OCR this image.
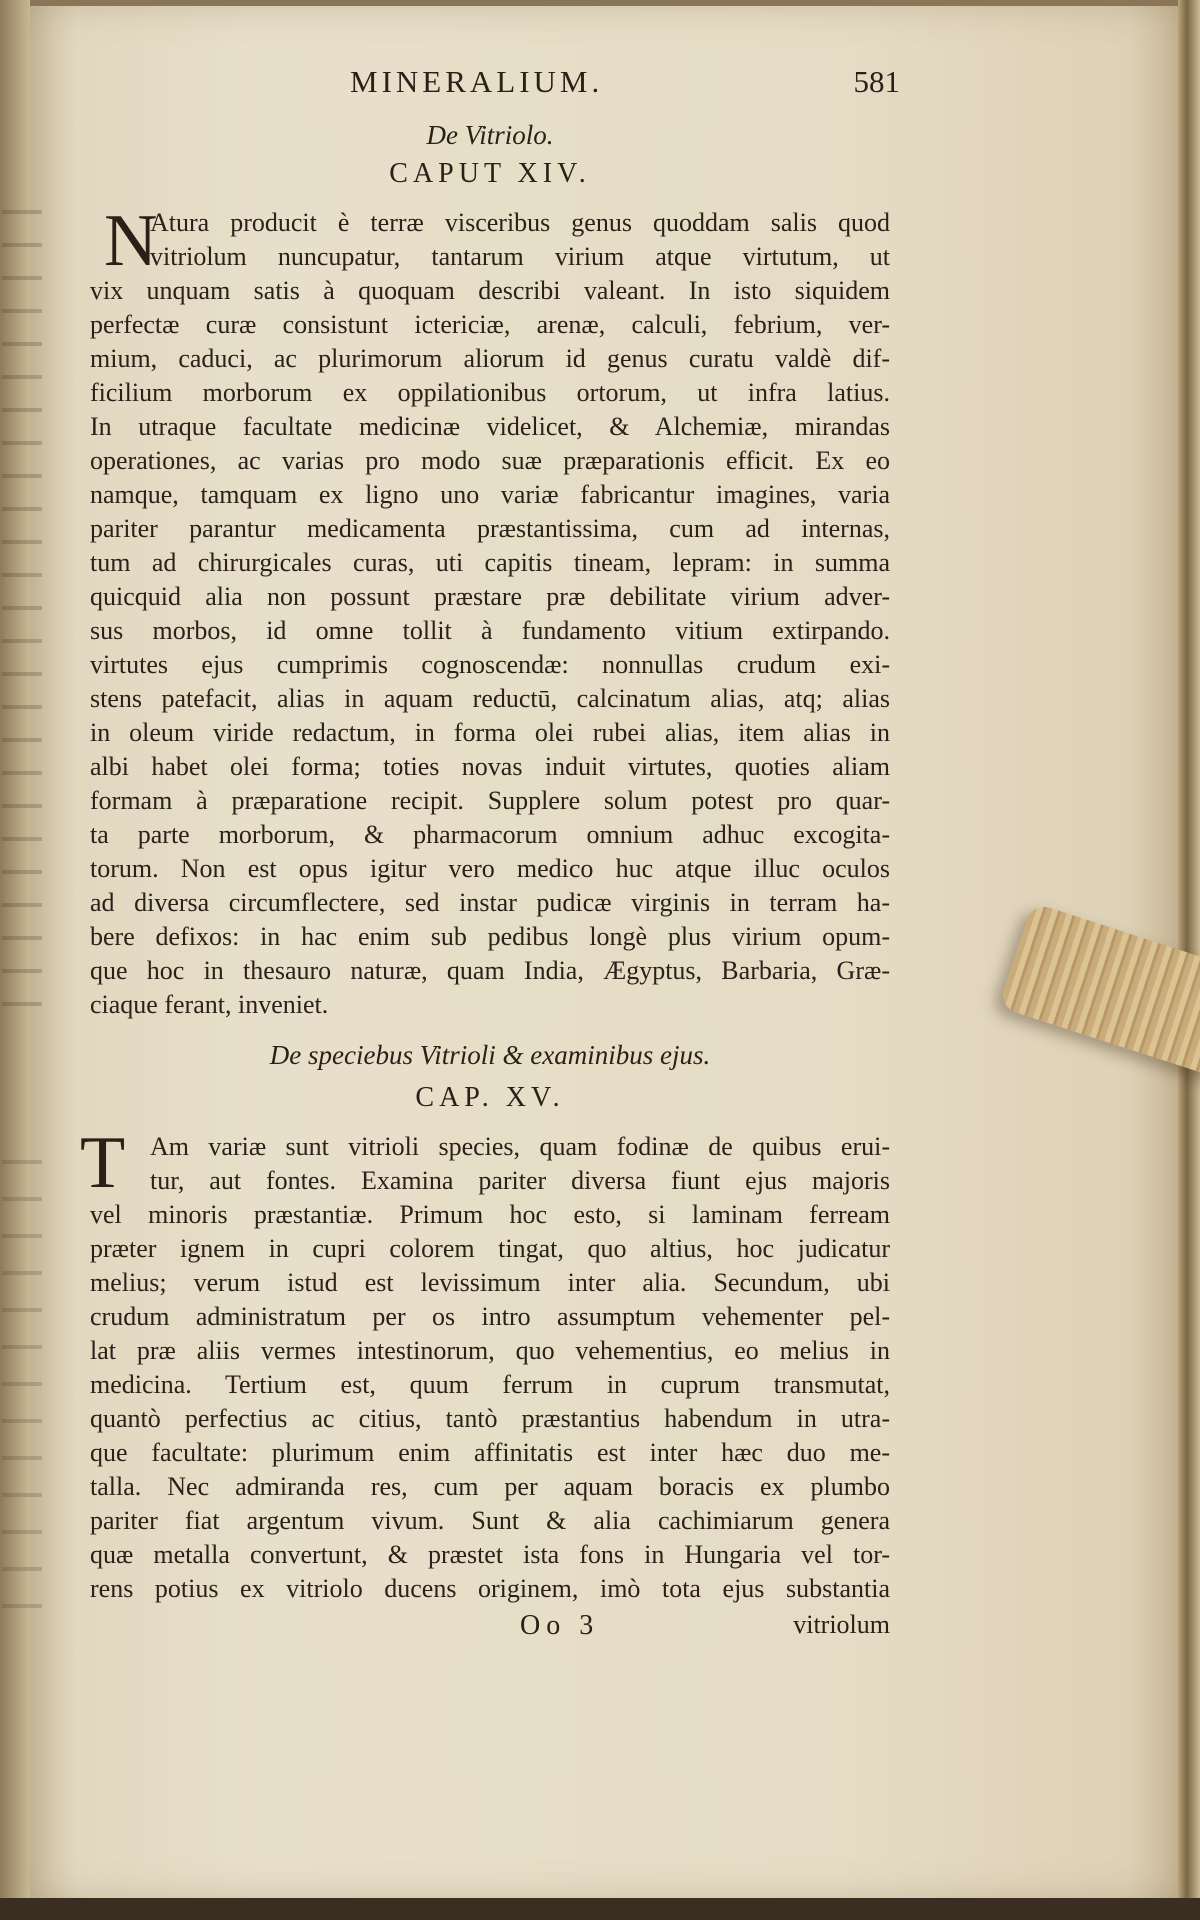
MINERALIUM.	581
De Vitriolo.
CAPUT XIV.
N
Atura producit è terræ visceribus genus quoddam salis quod
vitriolum nuncupatur, tantarum virium atque virtutum, ut
vix unquam satis à quoquam describi valeant. In isto siquidem
perfectæ curæ consistunt ictericiæ, arenæ, calculi, febrium, ver-
mium, caduci, ac plurimorum aliorum id genus curatu valdè dif-
ficilium morborum ex oppilationibus ortorum, ut infra latius.
In utraque facultate medicinæ videlicet, & Alchemiæ, mirandas
operationes, ac varias pro modo suæ præparationis efficit. Ex eo
namque, tamquam ex ligno uno variæ fabricantur imagines, varia
pariter parantur medicamenta præstantissima, cum ad internas,
tum ad chirurgicales curas, uti capitis tineam, lepram: in summa
quicquid alia non possunt præstare præ debilitate virium adver-
sus morbos, id omne tollit à fundamento vitium extirpando.
virtutes ejus cumprimis cognoscendæ: nonnullas crudum exi-
stens patefacit, alias in aquam reductū, calcinatum alias, atq; alias
in oleum viride redactum, in forma olei rubei alias, item alias in
albi habet olei forma; toties novas induit virtutes, quoties aliam
formam à præparatione recipit. Supplere solum potest pro quar-
ta parte morborum, & pharmacorum omnium adhuc excogita-
torum. Non est opus igitur vero medico huc atque illuc oculos
ad diversa circumflectere, sed instar pudicæ virginis in terram ha-
bere defixos: in hac enim sub pedibus longè plus virium opum-
que hoc in thesauro naturæ, quam India, Ægyptus, Barbaria, Græ-
ciaque ferant, inveniet.
De speciebus Vitrioli & examinibus ejus.
CAP. XV.
T Am variæ sunt vitrioli species, quam fodinæ de quibus erui-
tur, aut fontes. Examina pariter diversa fiunt ejus majoris
vel minoris præstantiæ. Primum hoc esto, si laminam ferream
præter ignem in cupri colorem tingat, quo altius, hoc judicatur
melius; verum istud est levissimum inter alia. Secundum, ubi
crudum administratum per os intro assumptum vehementer pel-
lat præ aliis vermes intestinorum, quo vehementius, eo melius in
medicina. Tertium est, quum ferrum in cuprum transmutat,
quantò perfectius ac citius, tantò præstantius habendum in utra-
que facultate: plurimum enim affinitatis est inter hæc duo me-
talla. Nec admiranda res, cum per aquam boracis ex plumbo
pariter fiat argentum vivum. Sunt & alia cachimiarum genera
quæ metalla convertunt, & præstet ista fons in Hungaria vel tor-
rens potius ex vitriolo ducens originem, imò tota ejus substantia
Oo 3	vitriolum
